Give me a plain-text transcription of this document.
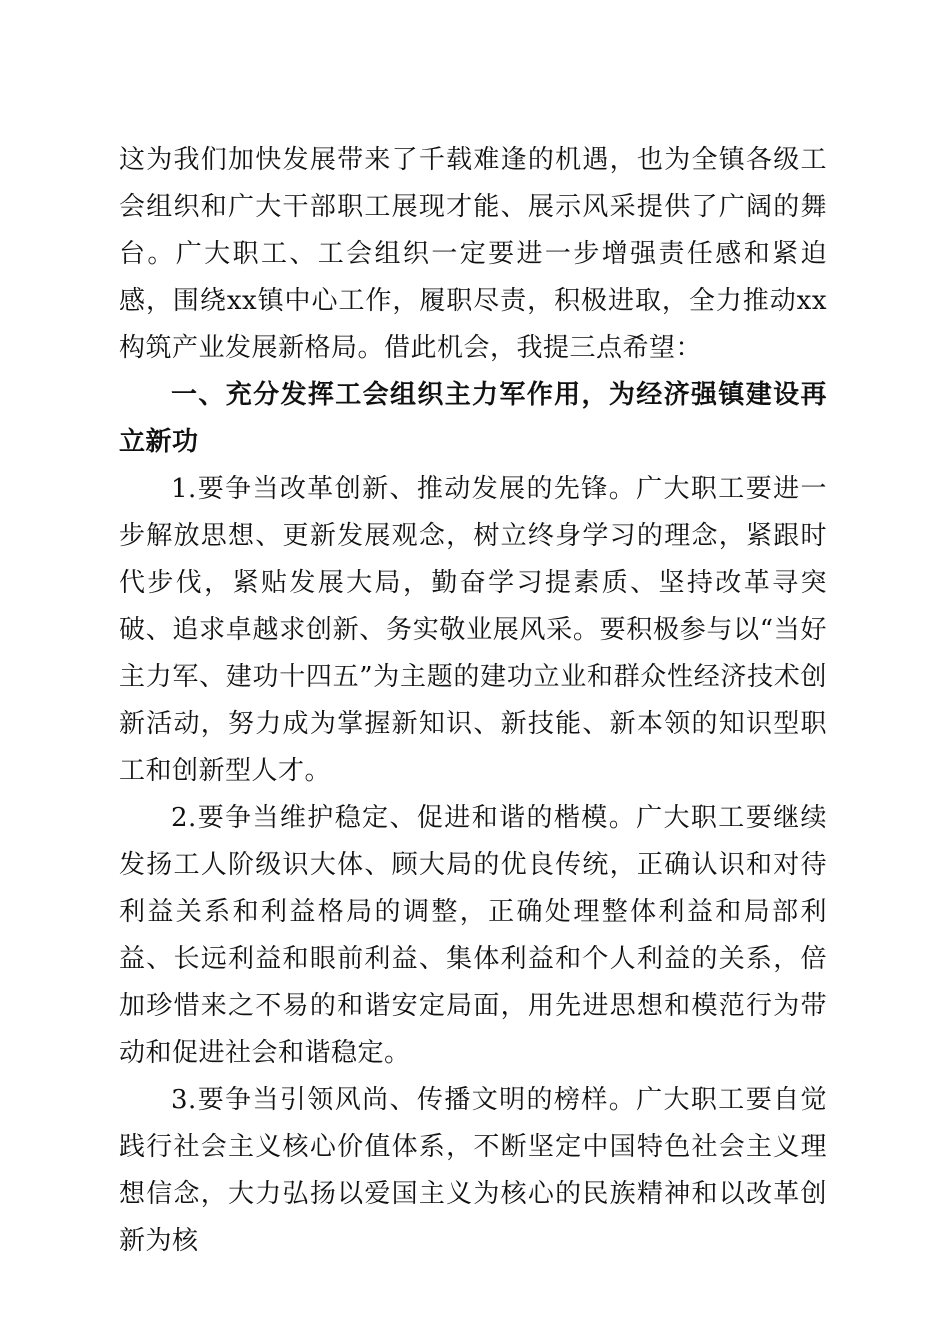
这为我们加快发展带来了千载难逢的机遇，也为全镇各级工会组织和广大干部职工展现才能、展示风采提供了广阔的舞台。广大职工、工会组织一定要进一步增强责任感和紧迫感，围绕xx镇中心工作，履职尽责，积极进取，全力推动xx构筑产业发展新格局。借此机会，我提三点希望：

一、充分发挥工会组织主力军作用，为经济强镇建设再立新功

1.要争当改革创新、推动发展的先锋。广大职工要进一步解放思想、更新发展观念，树立终身学习的理念，紧跟时代步伐，紧贴发展大局，勤奋学习提素质、坚持改革寻突破、追求卓越求创新、务实敬业展风采。要积极参与以“当好主力军、建功十四五”为主题的建功立业和群众性经济技术创新活动，努力成为掌握新知识、新技能、新本领的知识型职工和创新型人才。

2.要争当维护稳定、促进和谐的楷模。广大职工要继续发扬工人阶级识大体、顾大局的优良传统，正确认识和对待利益关系和利益格局的调整，正确处理整体利益和局部利益、长远利益和眼前利益、集体利益和个人利益的关系，倍加珍惜来之不易的和谐安定局面，用先进思想和模范行为带动和促进社会和谐稳定。

3.要争当引领风尚、传播文明的榜样。广大职工要自觉践行社会主义核心价值体系，不断坚定中国特色社会主义理想信念，大力弘扬以爱国主义为核心的民族精神和以改革创新为核
